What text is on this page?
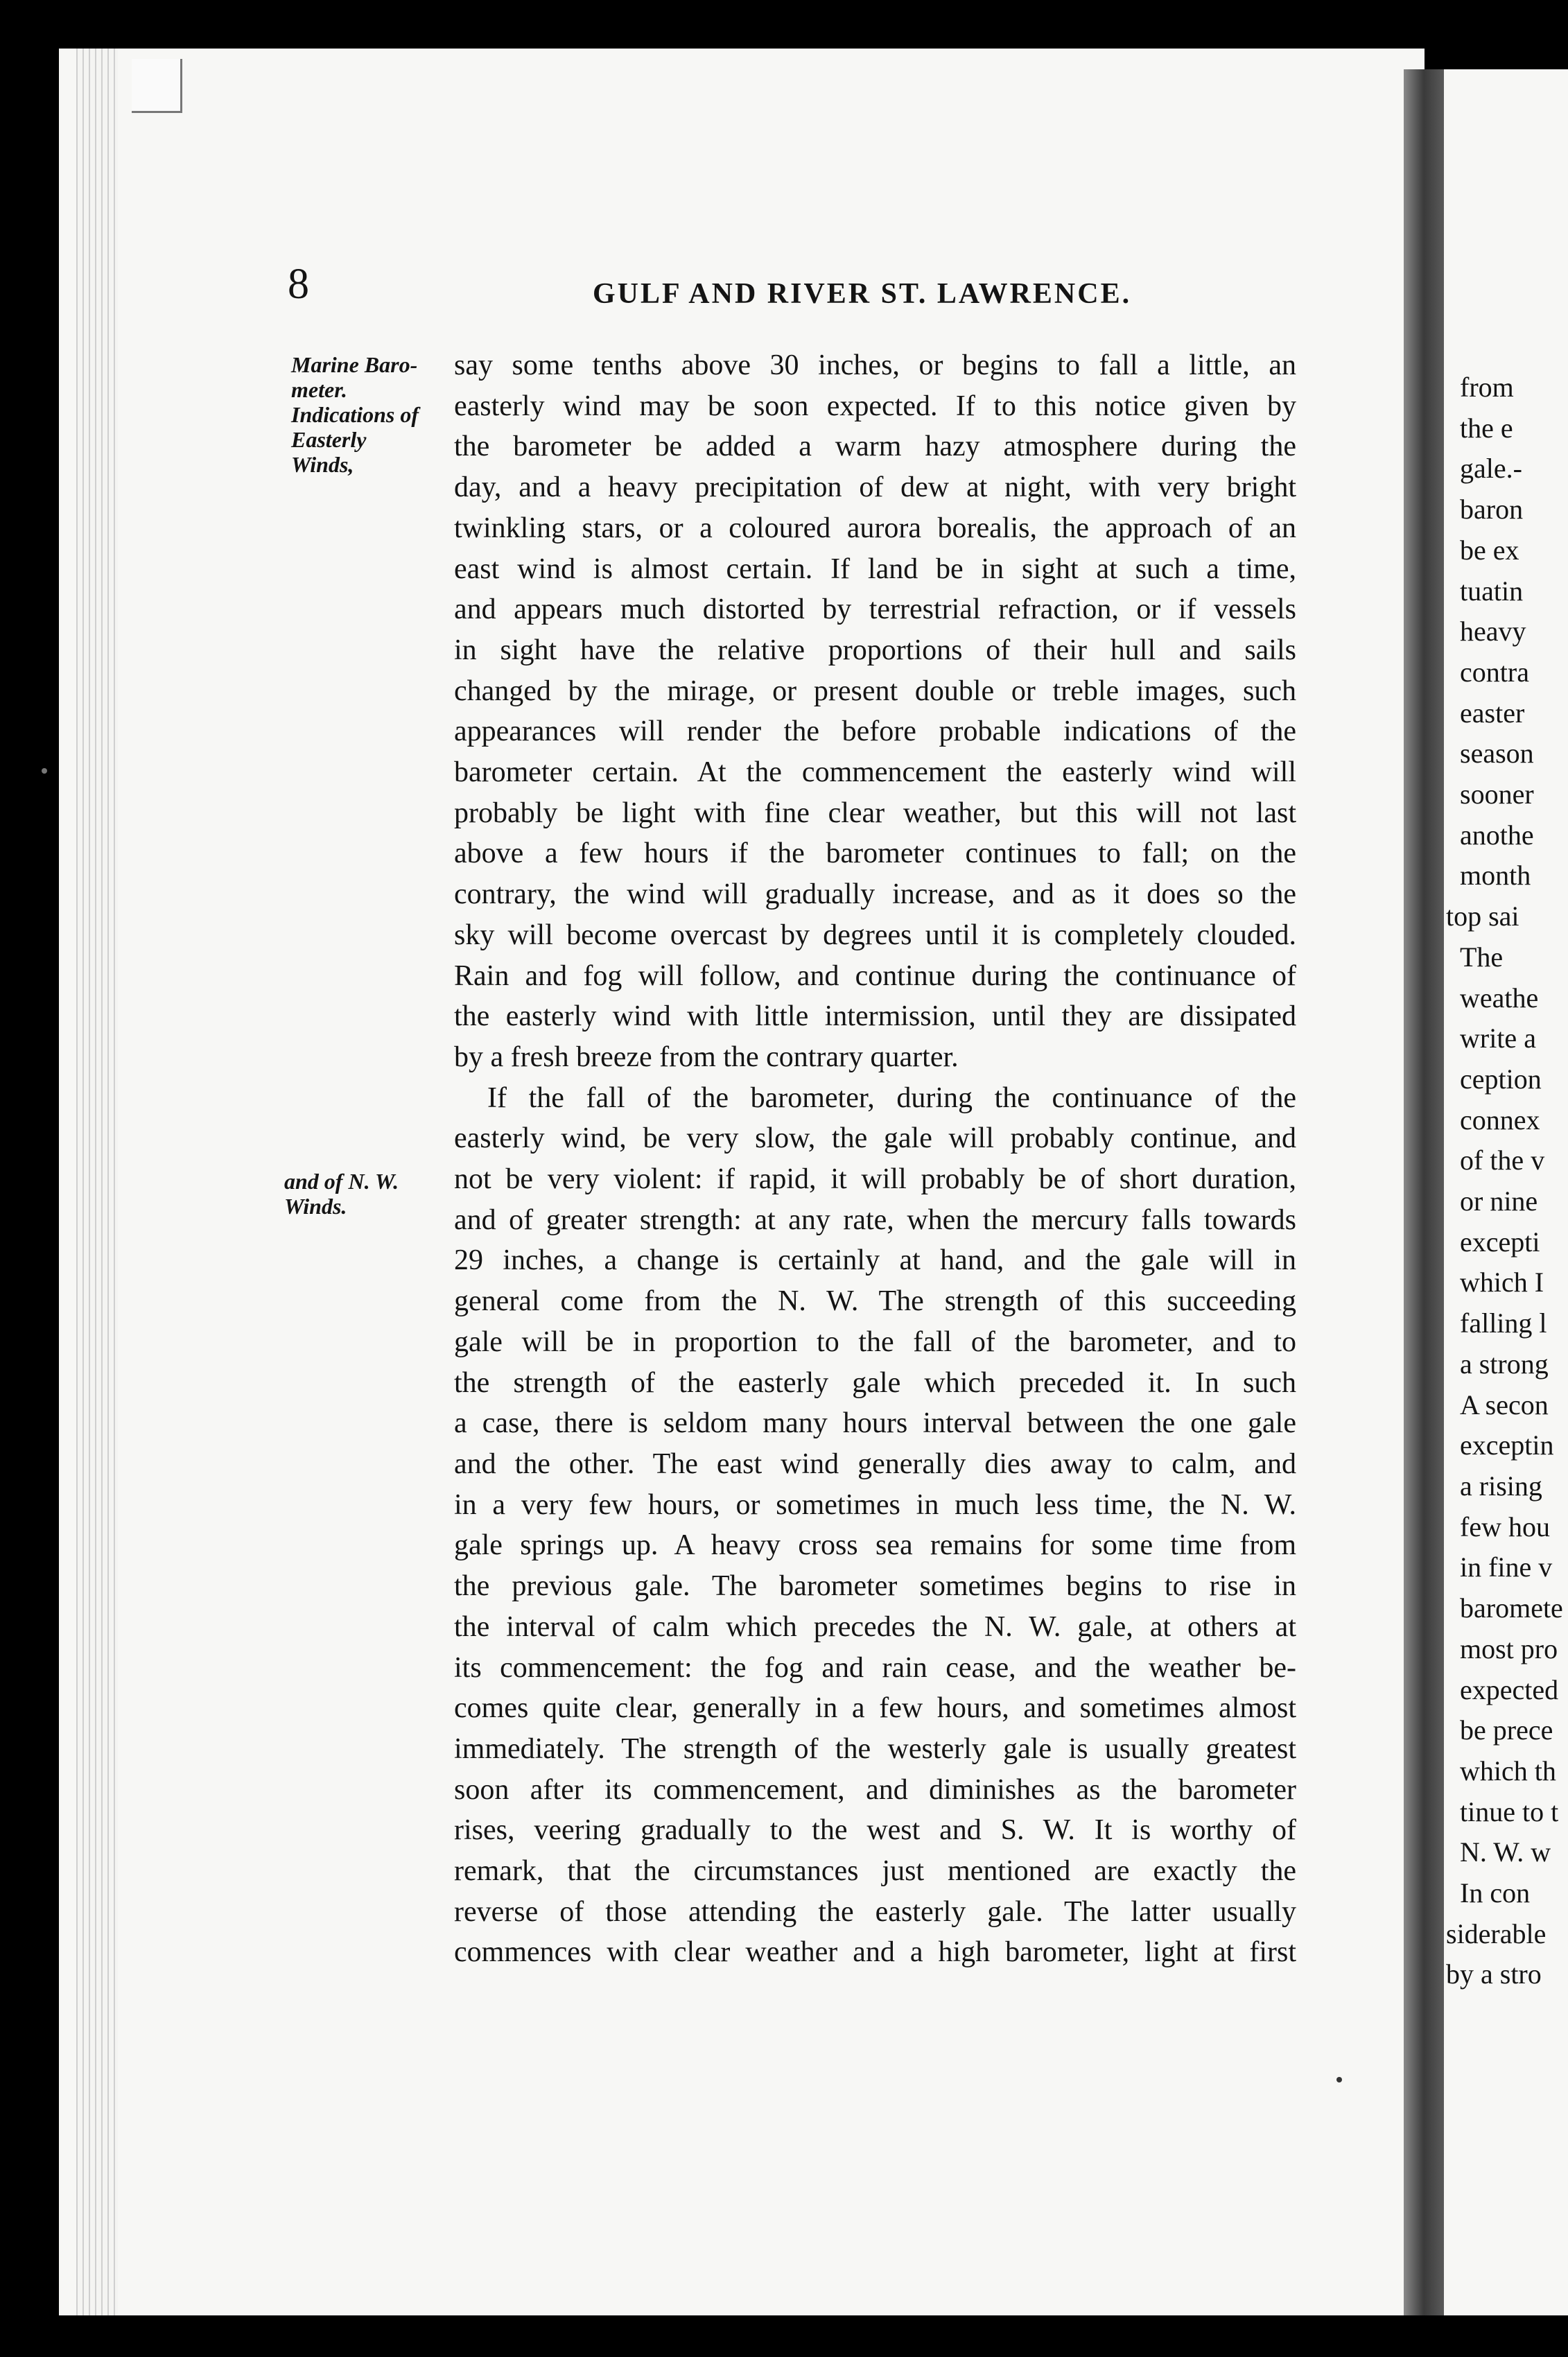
8	GULF AND RIVER ST. LAWRENCE.

Marine Baro-
meter.
Indications of
Easterly
Winds,

and of N. W.
Winds.

say some tenths above 30 inches, or begins to fall a little, an
easterly wind may be soon expected. If to this notice given by
the barometer be added a warm hazy atmosphere during the
day, and a heavy precipitation of dew at night, with very bright
twinkling stars, or a coloured aurora borealis, the approach of an
east wind is almost certain. If land be in sight at such a time,
and appears much distorted by terrestrial refraction, or if vessels
in sight have the relative proportions of their hull and sails
changed by the mirage, or present double or treble images, such
appearances will render the before probable indications of the
barometer certain. At the commencement the easterly wind will
probably be light with fine clear weather, but this will not last
above a few hours if the barometer continues to fall; on the
contrary, the wind will gradually increase, and as it does so the
sky will become overcast by degrees until it is completely clouded.
Rain and fog will follow, and continue during the continuance of
the easterly wind with little intermission, until they are dissipated
by a fresh breeze from the contrary quarter.
If the fall of the barometer, during the continuance of the
easterly wind, be very slow, the gale will probably continue, and
not be very violent: if rapid, it will probably be of short duration,
and of greater strength: at any rate, when the mercury falls towards
29 inches, a change is certainly at hand, and the gale will in
general come from the N. W. The strength of this succeeding
gale will be in proportion to the fall of the barometer, and to
the strength of the easterly gale which preceded it. In such
a case, there is seldom many hours interval between the one gale
and the other. The east wind generally dies away to calm, and
in a very few hours, or sometimes in much less time, the N. W.
gale springs up. A heavy cross sea remains for some time from
the previous gale. The barometer sometimes begins to rise in
the interval of calm which precedes the N. W. gale, at others at
its commencement: the fog and rain cease, and the weather be-
comes quite clear, generally in a few hours, and sometimes almost
immediately. The strength of the westerly gale is usually greatest
soon after its commencement, and diminishes as the barometer
rises, veering gradually to the west and S. W. It is worthy of
remark, that the circumstances just mentioned are exactly the
reverse of those attending the easterly gale. The latter usually
commences with clear weather and a high barometer, light at first
from
the e
gale.-
baron
be ex
tuatin
heavy
contra
easter
season
sooner
anothe
month
top sai
The
weathe
write a
ception
connex
of the v
or nine
excepti
which I
falling l
a strong
A secon
exceptin
a rising
few hou
in fine v
baromete
most pro
expected
be prece
which th
tinue to t
N. W. w
In con
siderable
by a stro
